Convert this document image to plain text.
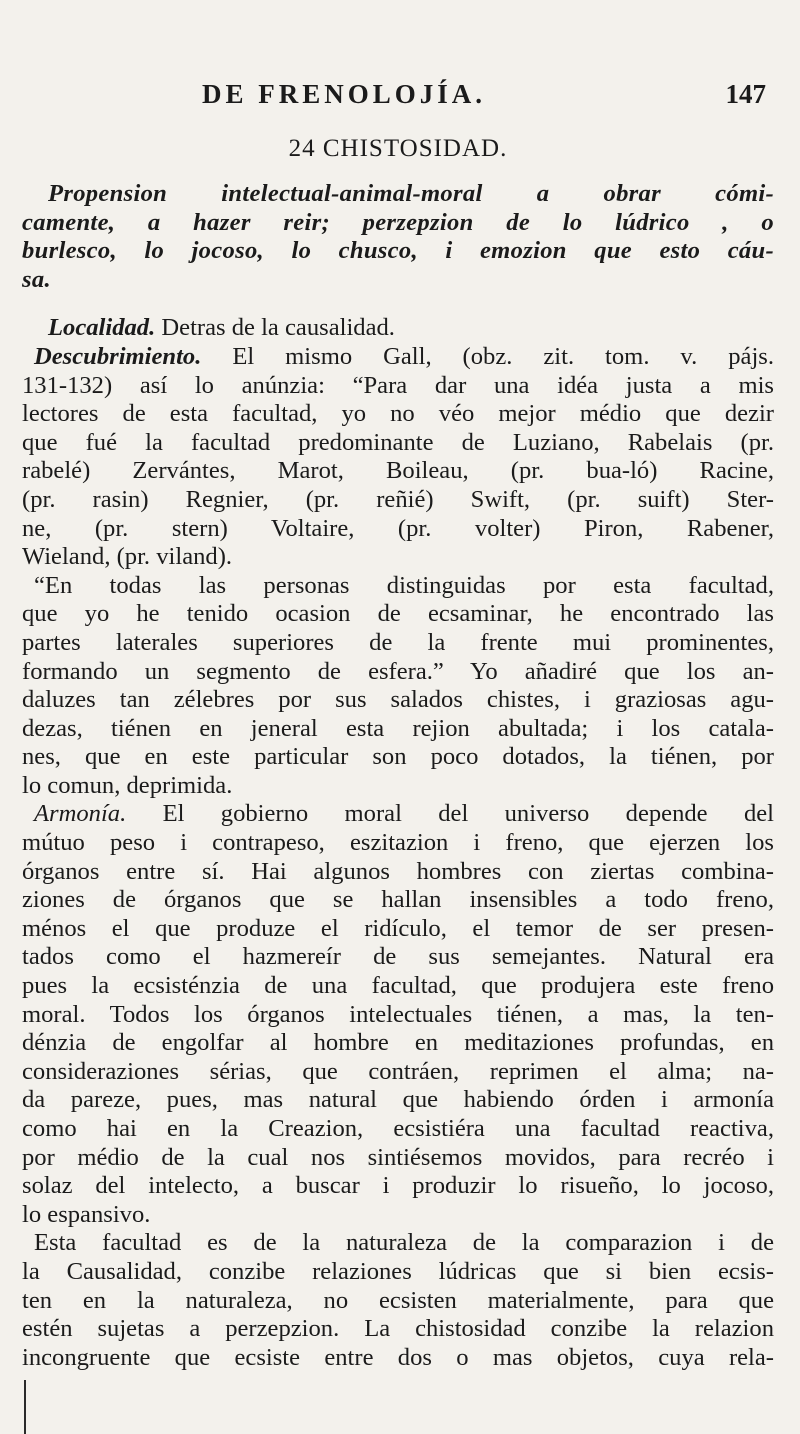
DE FRENOLOJÍA.	147
24 CHISTOSIDAD.
Propension intelectual-animal-moral a obrar cómi-
camente, a hazer reir; perzepzion de lo lúdrico , o
burlesco, lo jocoso, lo chusco, i emozion que esto cáu-
sa.
Localidad. Detras de la causalidad.
Descubrimiento. El mismo Gall, (obz. zit. tom. v. pájs.
131-132) así lo anúnzia: “Para dar una idéa justa a mis
lectores de esta facultad, yo no véo mejor médio que dezir
que fué la facultad predominante de Luziano, Rabelais (pr.
rabelé) Zervántes, Marot, Boileau, (pr. bua-ló) Racine,
(pr. rasin) Regnier, (pr. reñié) Swift, (pr. suift) Ster-
ne, (pr. stern) Voltaire, (pr. volter) Piron, Rabener,
Wieland, (pr. viland).
“En todas las personas distinguidas por esta facultad,
que yo he tenido ocasion de ecsaminar, he encontrado las
partes laterales superiores de la frente mui prominentes,
formando un segmento de esfera.” Yo añadiré que los an-
daluzes tan zélebres por sus salados chistes, i graziosas agu-
dezas, tiénen en jeneral esta rejion abultada; i los catala-
nes, que en este particular son poco dotados, la tiénen, por
lo comun, deprimida.
Armonía. El gobierno moral del universo depende del
mútuo peso i contrapeso, eszitazion i freno, que ejerzen los
órganos entre sí. Hai algunos hombres con ziertas combina-
ziones de órganos que se hallan insensibles a todo freno,
ménos el que produze el ridículo, el temor de ser presen-
tados como el hazmereír de sus semejantes. Natural era
pues la ecsisténzia de una facultad, que produjera este freno
moral. Todos los órganos intelectuales tiénen, a mas, la ten-
dénzia de engolfar al hombre en meditaziones profundas, en
consideraziones sérias, que contráen, reprimen el alma; na-
da pareze, pues, mas natural que habiendo órden i armonía
como hai en la Creazion, ecsistiéra una facultad reactiva,
por médio de la cual nos sintiésemos movidos, para recréo i
solaz del intelecto, a buscar i produzir lo risueño, lo jocoso,
lo espansivo.
Esta facultad es de la naturaleza de la comparazion i de
la Causalidad, conzibe relaziones lúdricas que si bien ecsis-
ten en la naturaleza, no ecsisten materialmente, para que
estén sujetas a perzepzion. La chistosidad conzibe la relazion
incongruente que ecsiste entre dos o mas objetos, cuya rela-
